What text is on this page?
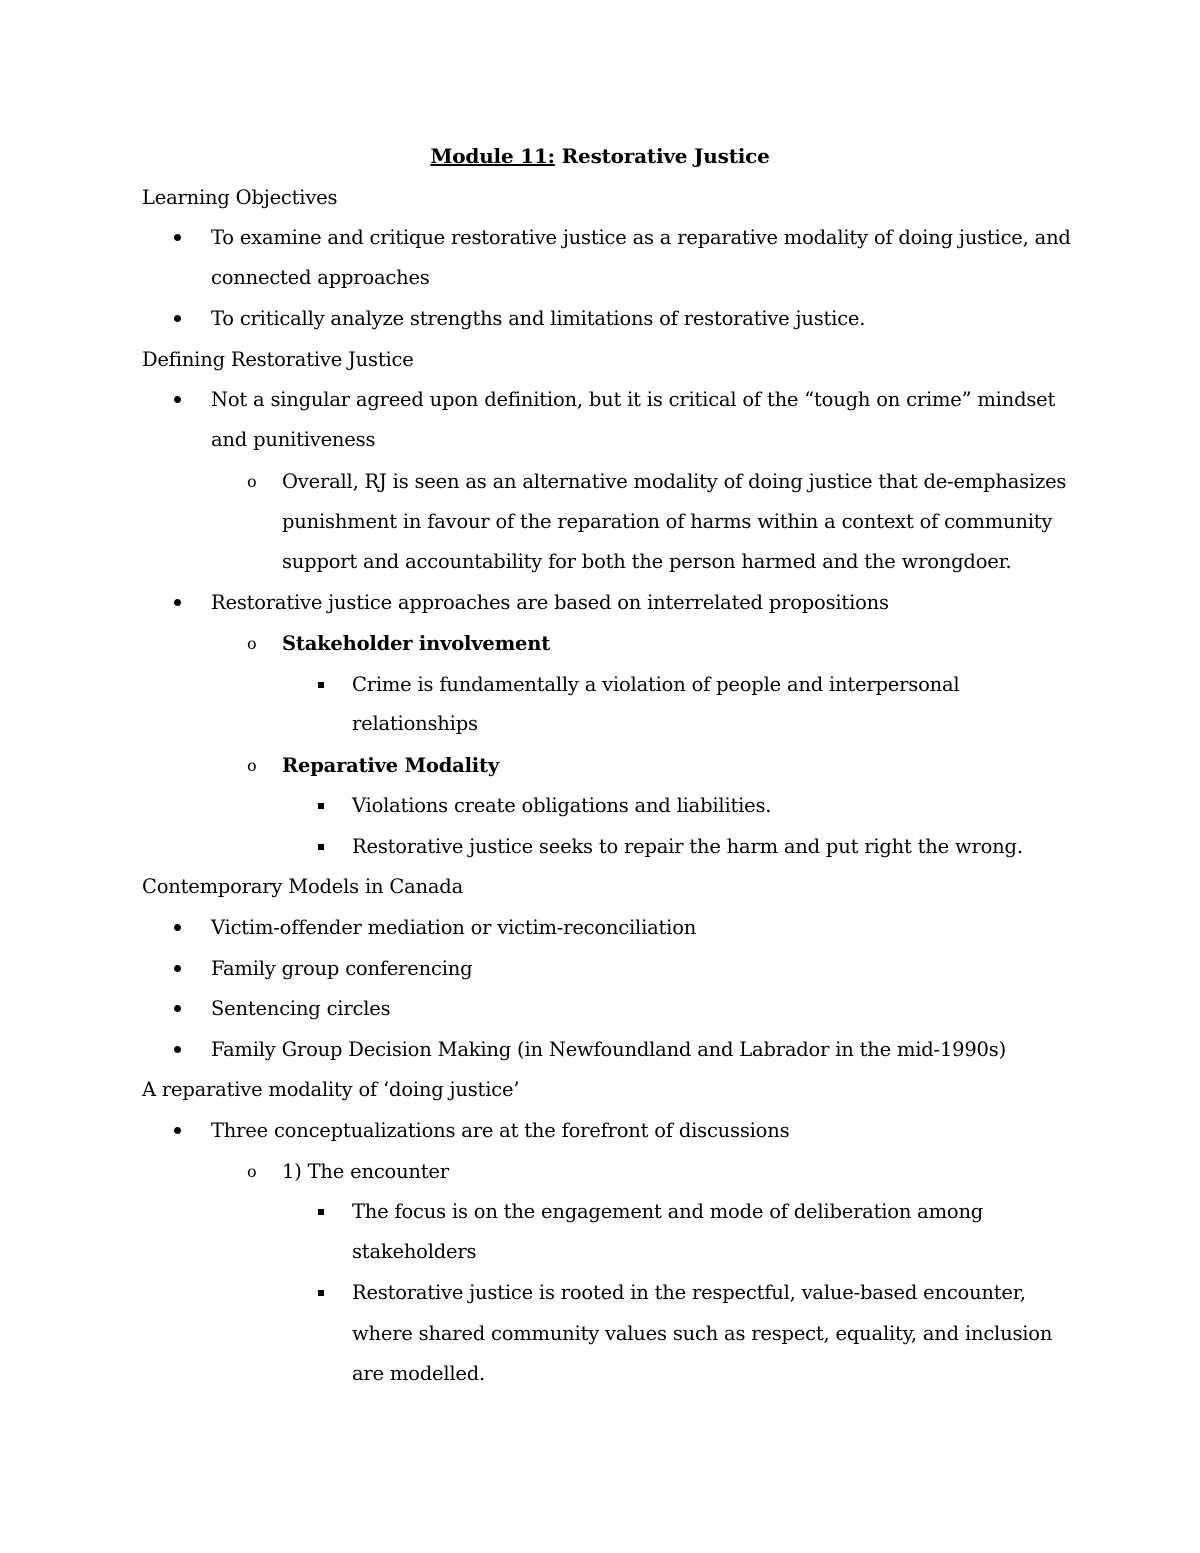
Module 11: Restorative Justice
Learning Objectives
To examine and critique restorative justice as a reparative modality of doing justice, and
connected approaches
To critically analyze strengths and limitations of restorative justice.
Defining Restorative Justice
Not a singular agreed upon definition, but it is critical of the “tough on crime” mindset
and punitiveness
o Overall, RJ is seen as an alternative modality of doing justice that de-emphasizes
punishment in favour of the reparation of harms within a context of community
support and accountability for both the person harmed and the wrongdoer.
Restorative justice approaches are based on interrelated propositions
o Stakeholder involvement
Crime is fundamentally a violation of people and interpersonal
relationships
o Reparative Modality
Violations create obligations and liabilities.
Restorative justice seeks to repair the harm and put right the wrong.
Contemporary Models in Canada
Victim-offender mediation or victim-reconciliation
Family group conferencing
Sentencing circles
Family Group Decision Making (in Newfoundland and Labrador in the mid-1990s)
A reparative modality of ‘doing justice’
Three conceptualizations are at the forefront of discussions
o 1) The encounter
The focus is on the engagement and mode of deliberation among
stakeholders
Restorative justice is rooted in the respectful, value-based encounter,
where shared community values such as respect, equality, and inclusion
are modelled.
